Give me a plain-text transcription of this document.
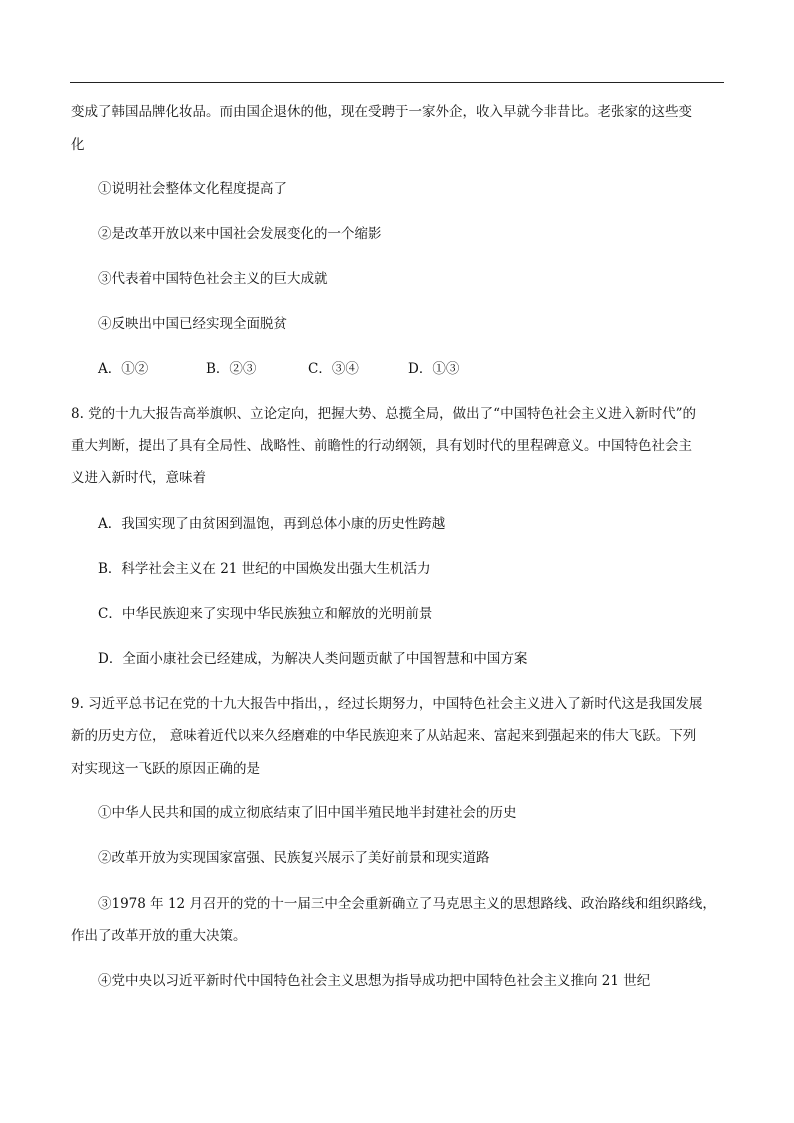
变成了韩国品牌化妆品。而由国企退休的他，现在受聘于一家外企，收入早就今非昔比。老张家的这些变
化
①说明社会整体文化程度提高了
②是改革开放以来中国社会发展变化的一个缩影
③代表着中国特色社会主义的巨大成就
④反映出中国已经实现全面脱贫
A．①②	B．②③	C．③④	D．①③
8. 党的十九大报告高举旗帜、立论定向，把握大势、总揽全局，做出了“中国特色社会主义进入新时代”的
重大判断，提出了具有全局性、战略性、前瞻性的行动纲领，具有划时代的里程碑意义。中国特色社会主
义进入新时代，意味着
A．我国实现了由贫困到温饱，再到总体小康的历史性跨越
B．科学社会主义在 21 世纪的中国焕发出强大生机活力
C．中华民族迎来了实现中华民族独立和解放的光明前景
D．全面小康社会已经建成，为解决人类问题贡献了中国智慧和中国方案
9. 习近平总书记在党的十九大报告中指出，，经过长期努力，中国特色社会主义进入了新时代这是我国发展
新的历史方位， 意味着近代以来久经磨难的中华民族迎来了从站起来、富起来到强起来的伟大飞跃。下列
对实现这一飞跃的原因正确的是
①中华人民共和国的成立彻底结束了旧中国半殖民地半封建社会的历史
②改革开放为实现国家富强、民族复兴展示了美好前景和现实道路
③1978 年 12 月召开的党的十一届三中全会重新确立了马克思主义的思想路线、政治路线和组织路线，
作出了改革开放的重大决策。
④党中央以习近平新时代中国特色社会主义思想为指导成功把中国特色社会主义推向 21 世纪
